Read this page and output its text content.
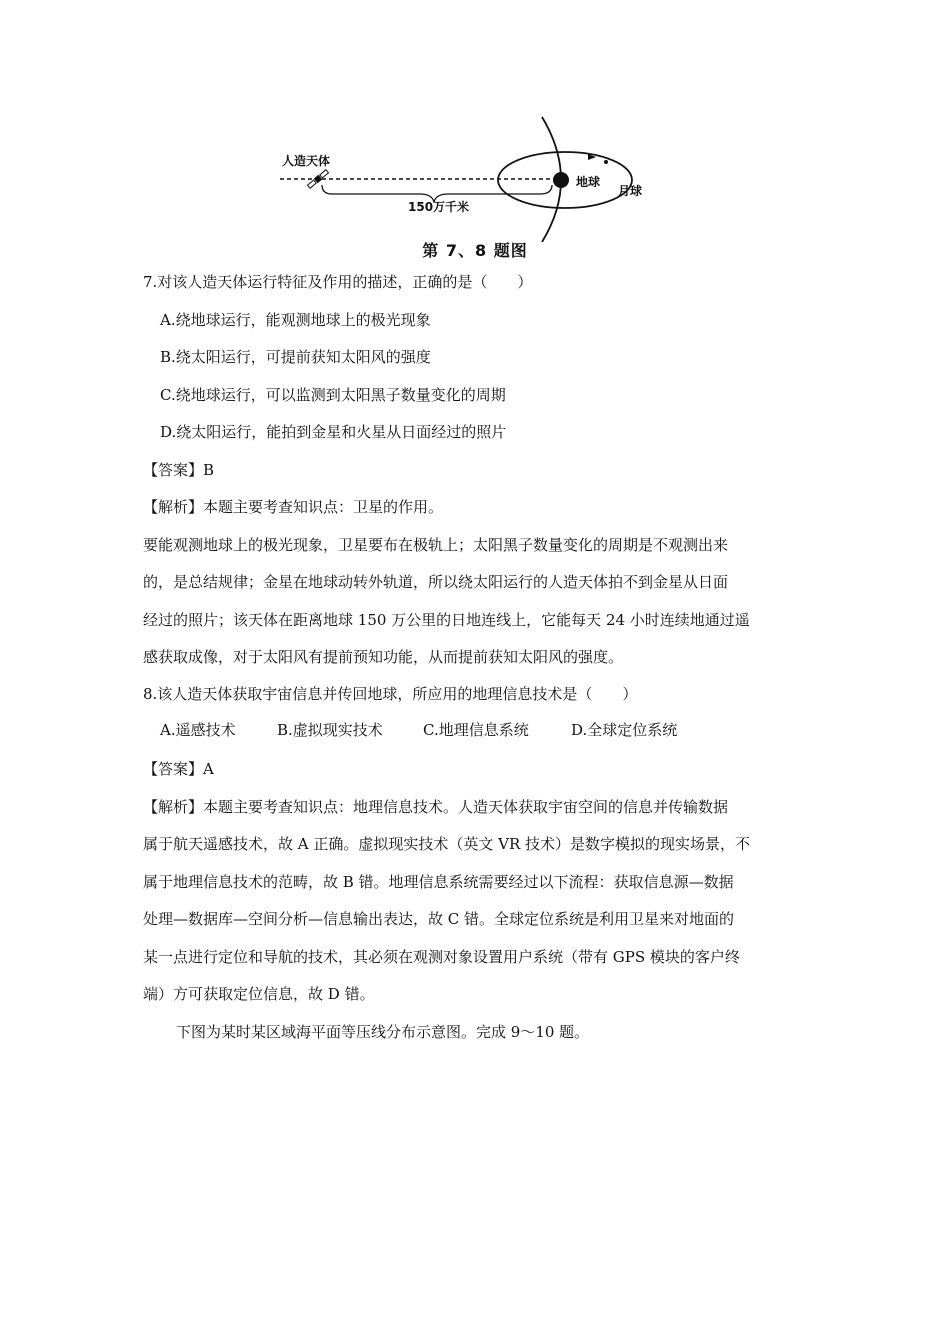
人造天体
150万千米
地球
月球
第 7、8 题图
7.对该人造天体运行特征及作用的描述，正确的是（　　）
A.绕地球运行，能观测地球上的极光现象
B.绕太阳运行，可提前获知太阳风的强度
C.绕地球运行，可以监测到太阳黑子数量变化的周期
D.绕太阳运行，能拍到金星和火星从日面经过的照片
【答案】B
【解析】本题主要考查知识点：卫星的作用。
要能观测地球上的极光现象，卫星要布在极轨上；太阳黑子数量变化的周期是不观测出来
的，是总结规律；金星在地球动转外轨道，所以绕太阳运行的人造天体拍不到金星从日面
经过的照片；该天体在距离地球 150 万公里的日地连线上，它能每天 24 小时连续地通过遥
感获取成像，对于太阳风有提前预知功能，从而提前获知太阳风的强度。
8.该人造天体获取宇宙信息并传回地球，所应用的地理信息技术是（　　）
A.遥感技术	B.虚拟现实技术	C.地理信息系统	D.全球定位系统
【答案】A
【解析】本题主要考查知识点：地理信息技术。人造天体获取宇宙空间的信息并传输数据
属于航天遥感技术，故 A 正确。虚拟现实技术（英文 VR 技术）是数字模拟的现实场景，不
属于地理信息技术的范畴，故 B 错。地理信息系统需要经过以下流程：获取信息源—数据
处理—数据库—空间分析—信息输出表达，故 C 错。全球定位系统是利用卫星来对地面的
某一点进行定位和导航的技术，其必须在观测对象设置用户系统（带有 GPS 模块的客户终
端）方可获取定位信息，故 D 错。
下图为某时某区域海平面等压线分布示意图。完成 9～10 题。
